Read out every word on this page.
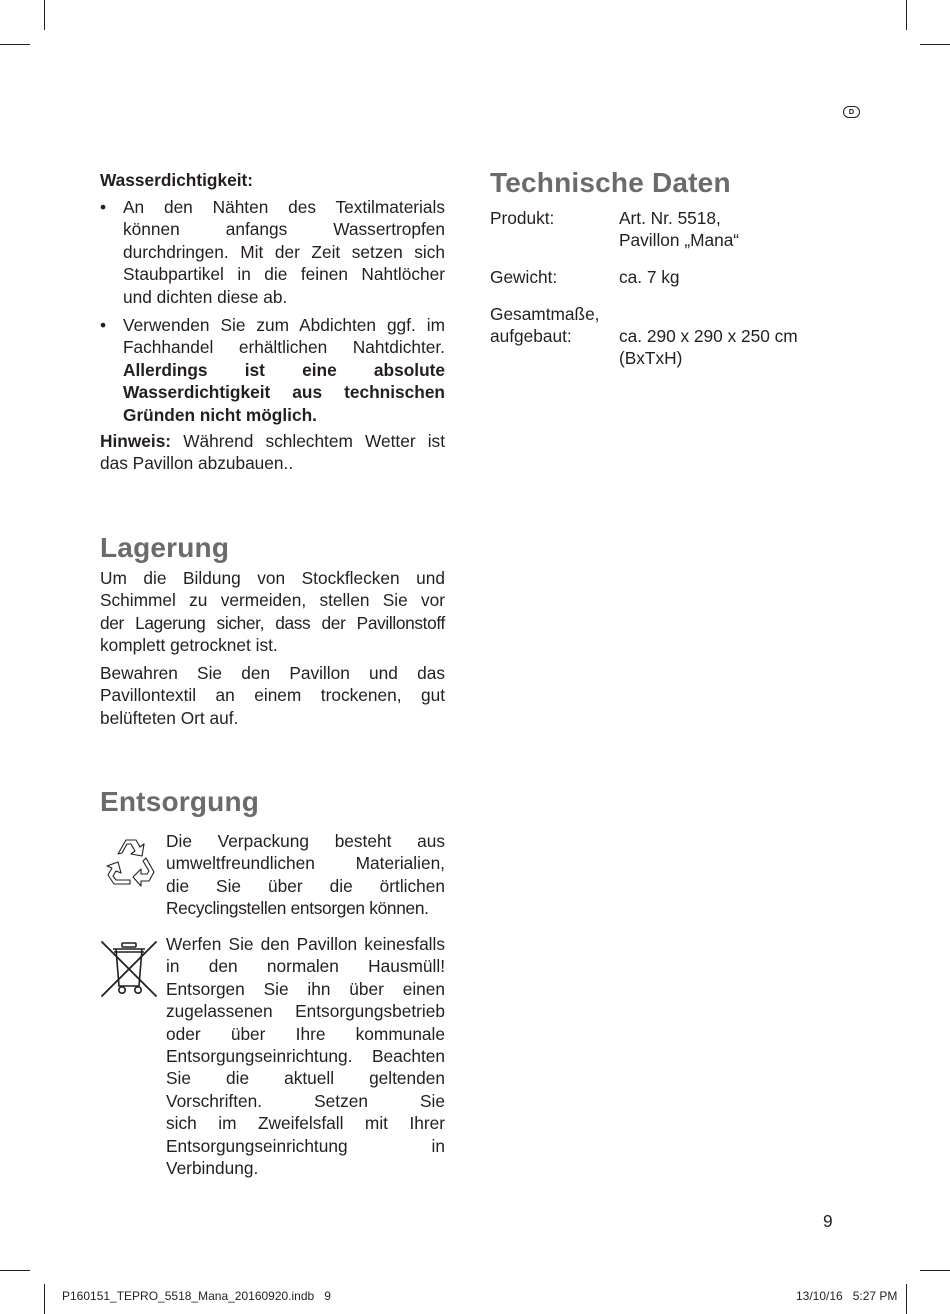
D
Wasserdichtigkeit:
• An den Nähten des Textilmaterials
können anfangs Wassertropfen
durchdringen. Mit der Zeit setzen sich
Staubpartikel in die feinen Nahtlöcher
und dichten diese ab.
• Verwenden Sie zum Abdichten ggf. im
Fachhandel erhältlichen Nahtdichter.
Allerdings ist eine absolute
Wasserdichtigkeit aus technischen
Gründen nicht möglich.
Hinweis: Während schlechtem Wetter ist
das Pavillon abzubauen..
Lagerung
Um die Bildung von Stockflecken und
Schimmel zu vermeiden, stellen Sie vor
der Lagerung sicher, dass der Pavillonstoff
komplett getrocknet ist.
Bewahren Sie den Pavillon und das
Pavillontextil an einem trockenen, gut
belüfteten Ort auf.
Entsorgung
Die Verpackung besteht aus
umweltfreundlichen Materialien,
die Sie über die örtlichen
Recyclingstellen entsorgen können.
Werfen Sie den Pavillon keinesfalls
in den normalen Hausmüll!
Entsorgen Sie ihn über einen
zugelassenen Entsorgungsbetrieb
oder über Ihre kommunale
Entsorgungseinrichtung. Beachten
Sie die aktuell geltenden
Vorschriften. Setzen Sie
sich im Zweifelsfall mit Ihrer
Entsorgungseinrichtung in
Verbindung.
Technische Daten
Produkt:	Art. Nr. 5518,
Pavillon „Mana“
Gewicht:	ca. 7 kg
Gesamtmaße,
aufgebaut:	ca. 290 x 290 x 250 cm
(BxTxH)
9
P160151_TEPRO_5518_Mana_20160920.indb   9	13/10/16   5:27 PM
